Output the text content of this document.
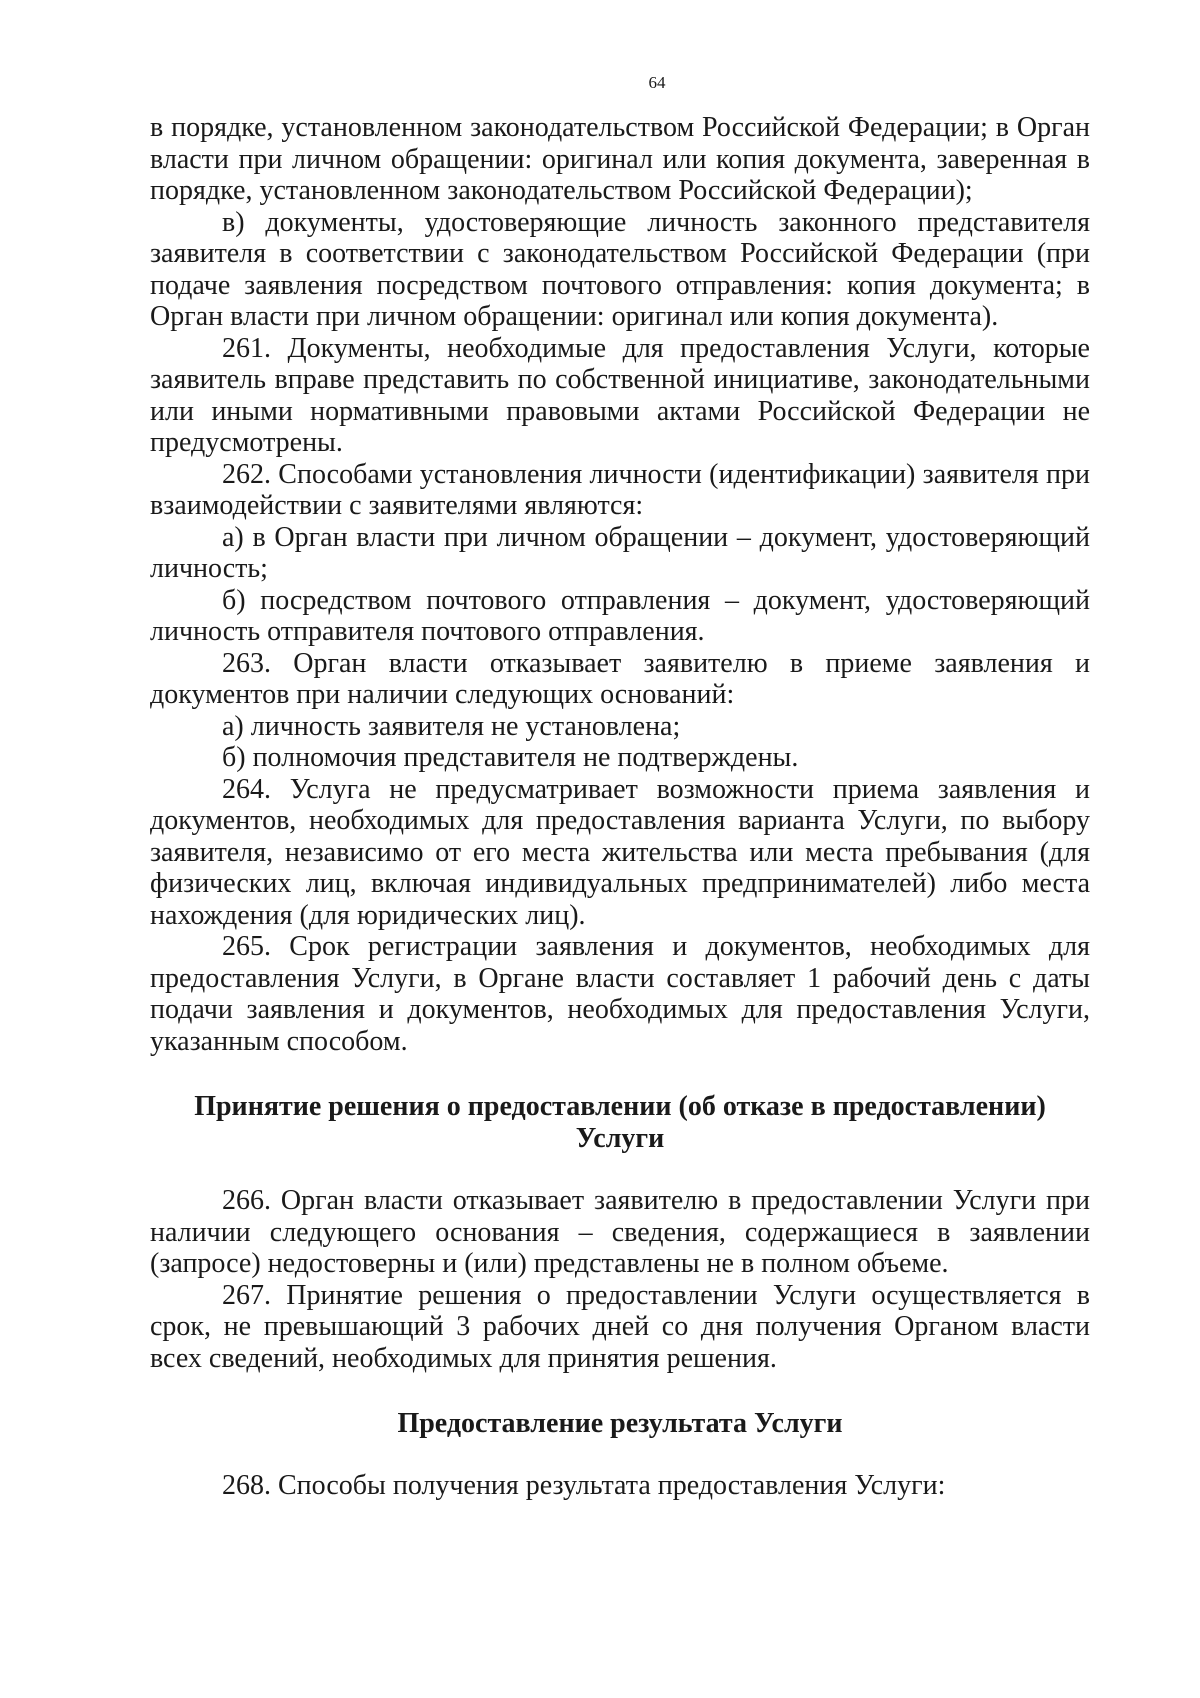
64

в порядке, установленном законодательством Российской Федерации; в Орган власти при личном обращении: оригинал или копия документа, заверенная в порядке, установленном законодательством Российской Федерации);

в) документы, удостоверяющие личность законного представителя заявителя в соответствии с законодательством Российской Федерации (при подаче заявления посредством почтового отправления: копия документа; в Орган власти при личном обращении: оригинал или копия документа).

261. Документы, необходимые для предоставления Услуги, которые заявитель вправе представить по собственной инициативе, законодательными или иными нормативными правовыми актами Российской Федерации не предусмотрены.

262. Способами установления личности (идентификации) заявителя при взаимодействии с заявителями являются:

а) в Орган власти при личном обращении – документ, удостоверяющий личность;

б) посредством почтового отправления – документ, удостоверяющий личность отправителя почтового отправления.

263. Орган власти отказывает заявителю в приеме заявления и документов при наличии следующих оснований:

а) личность заявителя не установлена;

б) полномочия представителя не подтверждены.

264. Услуга не предусматривает возможности приема заявления и документов, необходимых для предоставления варианта Услуги, по выбору заявителя, независимо от его места жительства или места пребывания (для физических лиц, включая индивидуальных предпринимателей) либо места нахождения (для юридических лиц).

265. Срок регистрации заявления и документов, необходимых для предоставления Услуги, в Органе власти составляет 1 рабочий день с даты подачи заявления и документов, необходимых для предоставления Услуги, указанным способом.

Принятие решения о предоставлении (об отказе в предоставлении)
Услуги

266. Орган власти отказывает заявителю в предоставлении Услуги при наличии следующего основания – сведения, содержащиеся в заявлении (запросе) недостоверны и (или) представлены не в полном объеме.

267. Принятие решения о предоставлении Услуги осуществляется в срок, не превышающий 3 рабочих дней со дня получения Органом власти всех сведений, необходимых для принятия решения.

Предоставление результата Услуги

268. Способы получения результата предоставления Услуги:
